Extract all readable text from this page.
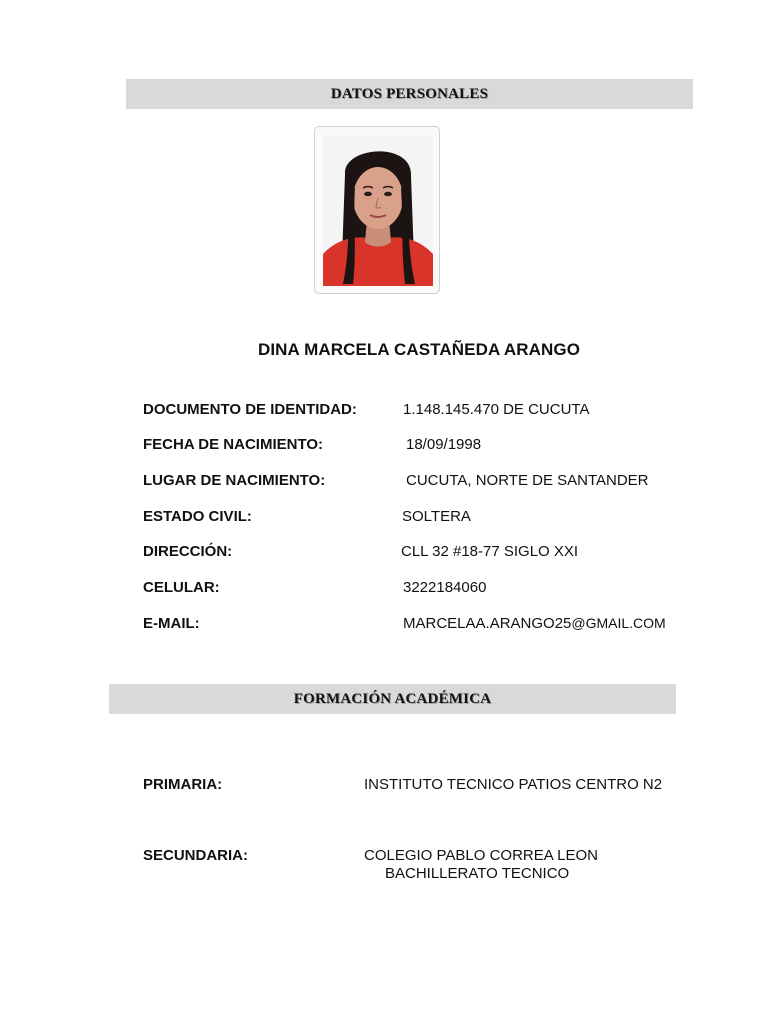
DATOS PERSONALES
DINA MARCELA CASTAÑEDA ARANGO
DOCUMENTO DE IDENTIDAD:	1.148.145.470 DE CUCUTA
FECHA DE NACIMIENTO:	18/09/1998
LUGAR DE NACIMIENTO:	CUCUTA, NORTE DE SANTANDER
ESTADO CIVIL:	SOLTERA
DIRECCIÓN:	CLL 32 #18-77 SIGLO XXI
CELULAR:	3222184060
E-MAIL:	MARCELAA.ARANGO25@GMAIL.COM
FORMACIÓN ACADÉMICA
PRIMARIA:	INSTITUTO TECNICO PATIOS CENTRO N2
SECUNDARIA:	COLEGIO PABLO CORREA LEON
BACHILLERATO TECNICO
